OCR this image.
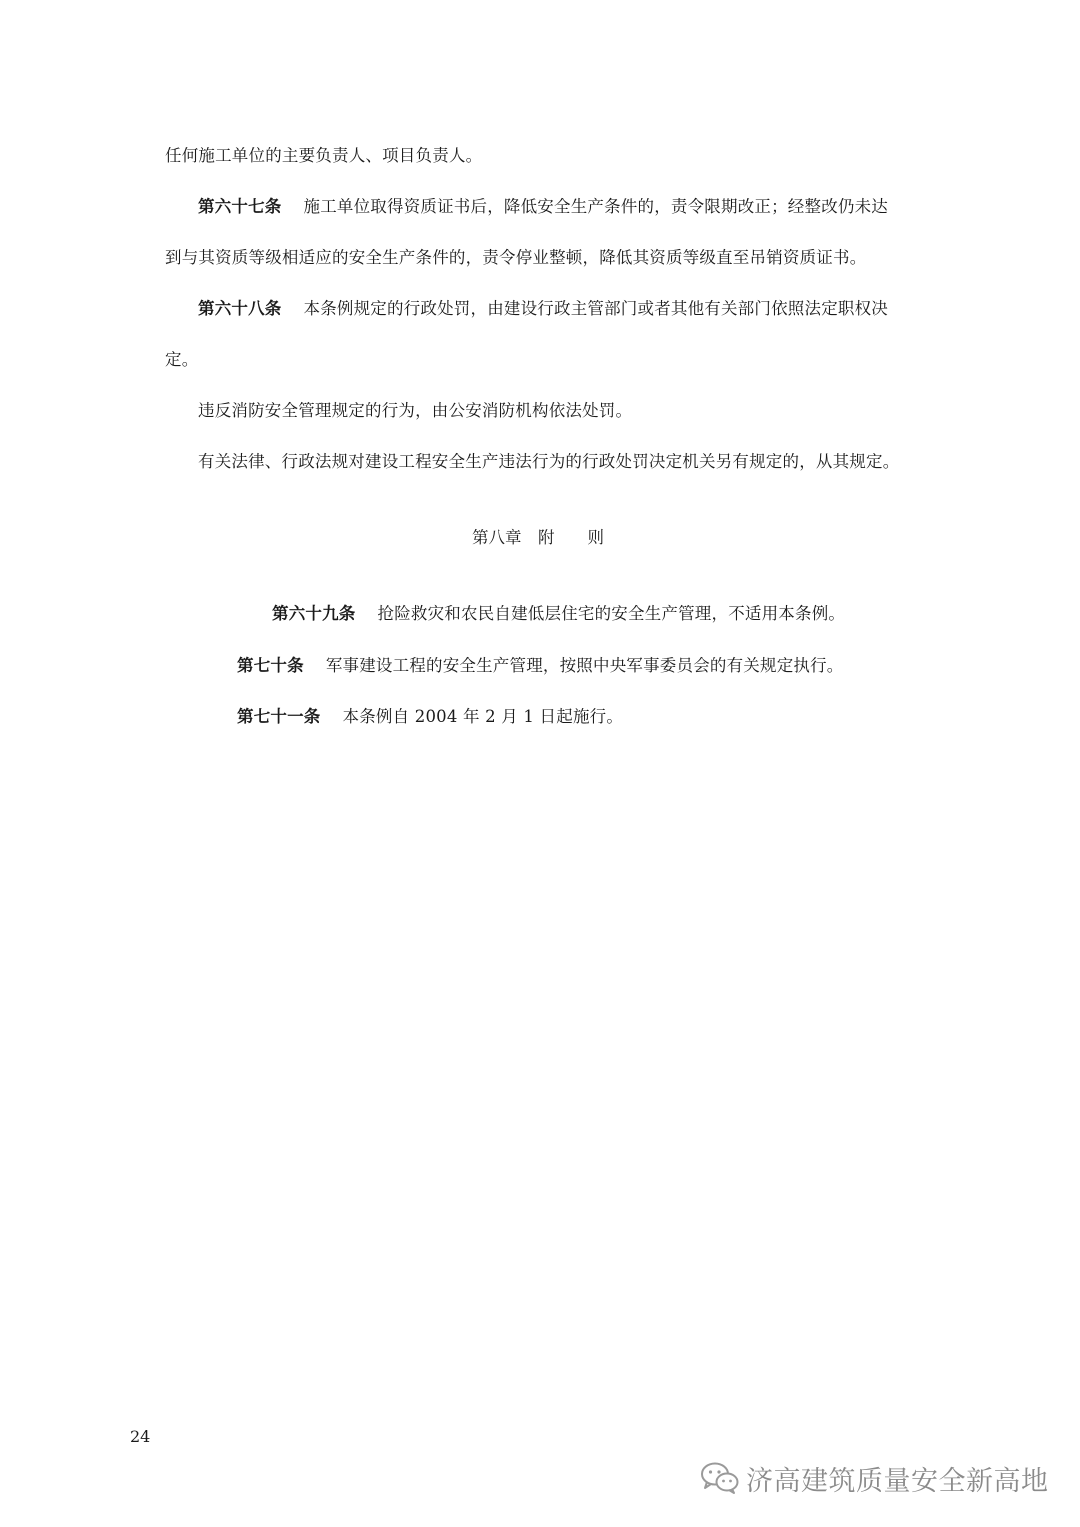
任何施工单位的主要负责人、项目负责人。
第六十七条 施工单位取得资质证书后，降低安全生产条件的，责令限期改正；经整改仍未达
到与其资质等级相适应的安全生产条件的，责令停业整顿，降低其资质等级直至吊销资质证书。
第六十八条 本条例规定的行政处罚，由建设行政主管部门或者其他有关部门依照法定职权决
定。
违反消防安全管理规定的行为，由公安消防机构依法处罚。
有关法律、行政法规对建设工程安全生产违法行为的行政处罚决定机关另有规定的，从其规定。
第八章　附　　则
第六十九条 抢险救灾和农民自建低层住宅的安全生产管理，不适用本条例。
第七十条 军事建设工程的安全生产管理，按照中央军事委员会的有关规定执行。
第七十一条 本条例自 2004 年 2 月 1 日起施行。
24
济高建筑质量安全新高地
